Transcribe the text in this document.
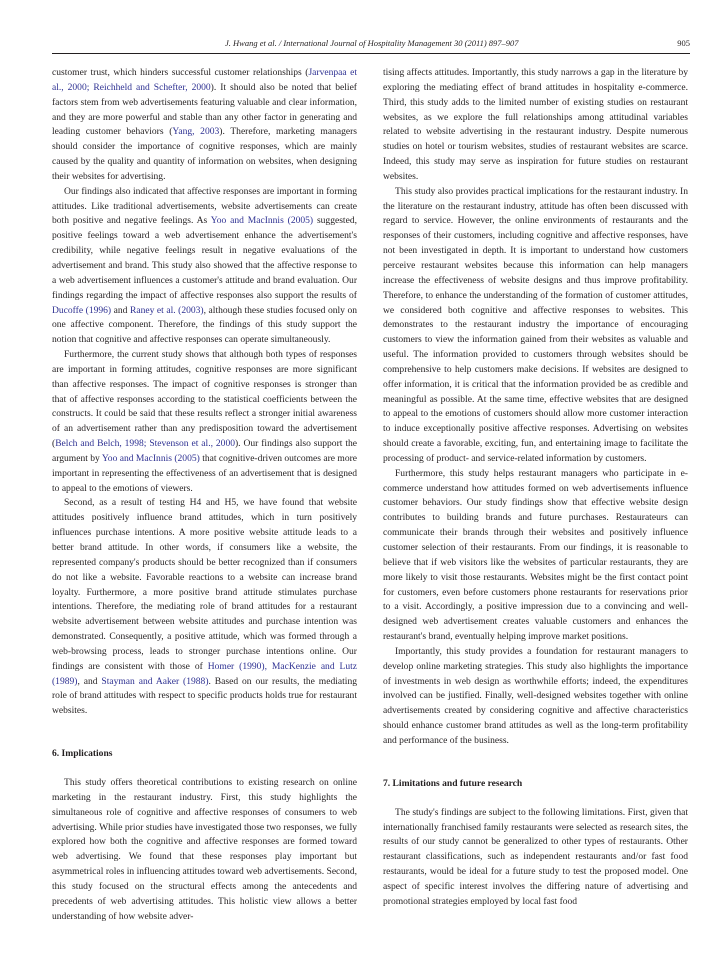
J. Hwang et al. / International Journal of Hospitality Management 30 (2011) 897–907	905

customer trust, which hinders successful customer relationships (Jarvenpaa et al., 2000; Reichheld and Schefter, 2000). It should also be noted that belief factors stem from web advertisements featuring valuable and clear information, and they are more powerful and stable than any other factor in generating and leading customer behaviors (Yang, 2003). Therefore, marketing managers should consider the importance of cognitive responses, which are mainly caused by the quality and quantity of information on websites, when designing their websites for advertising.

Our findings also indicated that affective responses are important in forming attitudes. Like traditional advertisements, website advertisements can create both positive and negative feelings. As Yoo and MacInnis (2005) suggested, positive feelings toward a web advertisement enhance the advertisement's credibility, while negative feelings result in negative evaluations of the advertisement and brand. This study also showed that the affective response to a web advertisement influences a customer's attitude and brand evaluation. Our findings regarding the impact of affective responses also support the results of Ducoffe (1996) and Raney et al. (2003), although these studies focused only on one affective component. Therefore, the findings of this study support the notion that cognitive and affective responses can operate simultaneously.

Furthermore, the current study shows that although both types of responses are important in forming attitudes, cognitive responses are more significant than affective responses. The impact of cognitive responses is stronger than that of affective responses according to the statistical coefficients between the constructs. It could be said that these results reflect a stronger initial awareness of an advertisement rather than any predisposition toward the advertisement (Belch and Belch, 1998; Stevenson et al., 2000). Our findings also support the argument by Yoo and MacInnis (2005) that cognitive-driven outcomes are more important in representing the effectiveness of an advertisement that is designed to appeal to the emotions of viewers.

Second, as a result of testing H4 and H5, we have found that website attitudes positively influence brand attitudes, which in turn positively influences purchase intentions. A more positive website attitude leads to a better brand attitude. In other words, if consumers like a website, the represented company's products should be better recognized than if consumers do not like a website. Favorable reactions to a website can increase brand loyalty. Furthermore, a more positive brand attitude stimulates purchase intentions. Therefore, the mediating role of brand attitudes for a restaurant website advertisement between website attitudes and purchase intention was demonstrated. Consequently, a positive attitude, which was formed through a web-browsing process, leads to stronger purchase intentions online. Our findings are consistent with those of Homer (1990), MacKenzie and Lutz (1989), and Stayman and Aaker (1988). Based on our results, the mediating role of brand attitudes with respect to specific products holds true for restaurant websites.

6. Implications

This study offers theoretical contributions to existing research on online marketing in the restaurant industry. First, this study highlights the simultaneous role of cognitive and affective responses of consumers to web advertising. While prior studies have investigated those two responses, we fully explored how both the cognitive and affective responses are formed toward web advertising. We found that these responses play important but asymmetrical roles in influencing attitudes toward web advertisements. Second, this study focused on the structural effects among the antecedents and precedents of web advertising attitudes. This holistic view allows a better understanding of how website adver-

tising affects attitudes. Importantly, this study narrows a gap in the literature by exploring the mediating effect of brand attitudes in hospitality e-commerce. Third, this study adds to the limited number of existing studies on restaurant websites, as we explore the full relationships among attitudinal variables related to website advertising in the restaurant industry. Despite numerous studies on hotel or tourism websites, studies of restaurant websites are scarce. Indeed, this study may serve as inspiration for future studies on restaurant websites.

This study also provides practical implications for the restaurant industry. In the literature on the restaurant industry, attitude has often been discussed with regard to service. However, the online environments of restaurants and the responses of their customers, including cognitive and affective responses, have not been investigated in depth. It is important to understand how customers perceive restaurant websites because this information can help managers increase the effectiveness of website designs and thus improve profitability. Therefore, to enhance the understanding of the formation of customer attitudes, we considered both cognitive and affective responses to websites. This demonstrates to the restaurant industry the importance of encouraging customers to view the information gained from their websites as valuable and useful. The information provided to customers through websites should be comprehensive to help customers make decisions. If websites are designed to offer information, it is critical that the information provided be as credible and meaningful as possible. At the same time, effective websites that are designed to appeal to the emotions of customers should allow more customer interaction to induce exceptionally positive affective responses. Advertising on websites should create a favorable, exciting, fun, and entertaining image to facilitate the processing of product- and service-related information by customers.

Furthermore, this study helps restaurant managers who participate in e-commerce understand how attitudes formed on web advertisements influence customer behaviors. Our study findings show that effective website design contributes to building brands and future purchases. Restaurateurs can communicate their brands through their websites and positively influence customer selection of their restaurants. From our findings, it is reasonable to believe that if web visitors like the websites of particular restaurants, they are more likely to visit those restaurants. Websites might be the first contact point for customers, even before customers phone restaurants for reservations prior to a visit. Accordingly, a positive impression due to a convincing and well-designed web advertisement creates valuable customers and enhances the restaurant's brand, eventually helping improve market positions.

Importantly, this study provides a foundation for restaurant managers to develop online marketing strategies. This study also highlights the importance of investments in web design as worthwhile efforts; indeed, the expenditures involved can be justified. Finally, well-designed websites together with online advertisements created by considering cognitive and affective characteristics should enhance customer brand attitudes as well as the long-term profitability and performance of the business.

7. Limitations and future research

The study's findings are subject to the following limitations. First, given that internationally franchised family restaurants were selected as research sites, the results of our study cannot be generalized to other types of restaurants. Other restaurant classifications, such as independent restaurants and/or fast food restaurants, would be ideal for a future study to test the proposed model. One aspect of specific interest involves the differing nature of advertising and promotional strategies employed by local fast food
